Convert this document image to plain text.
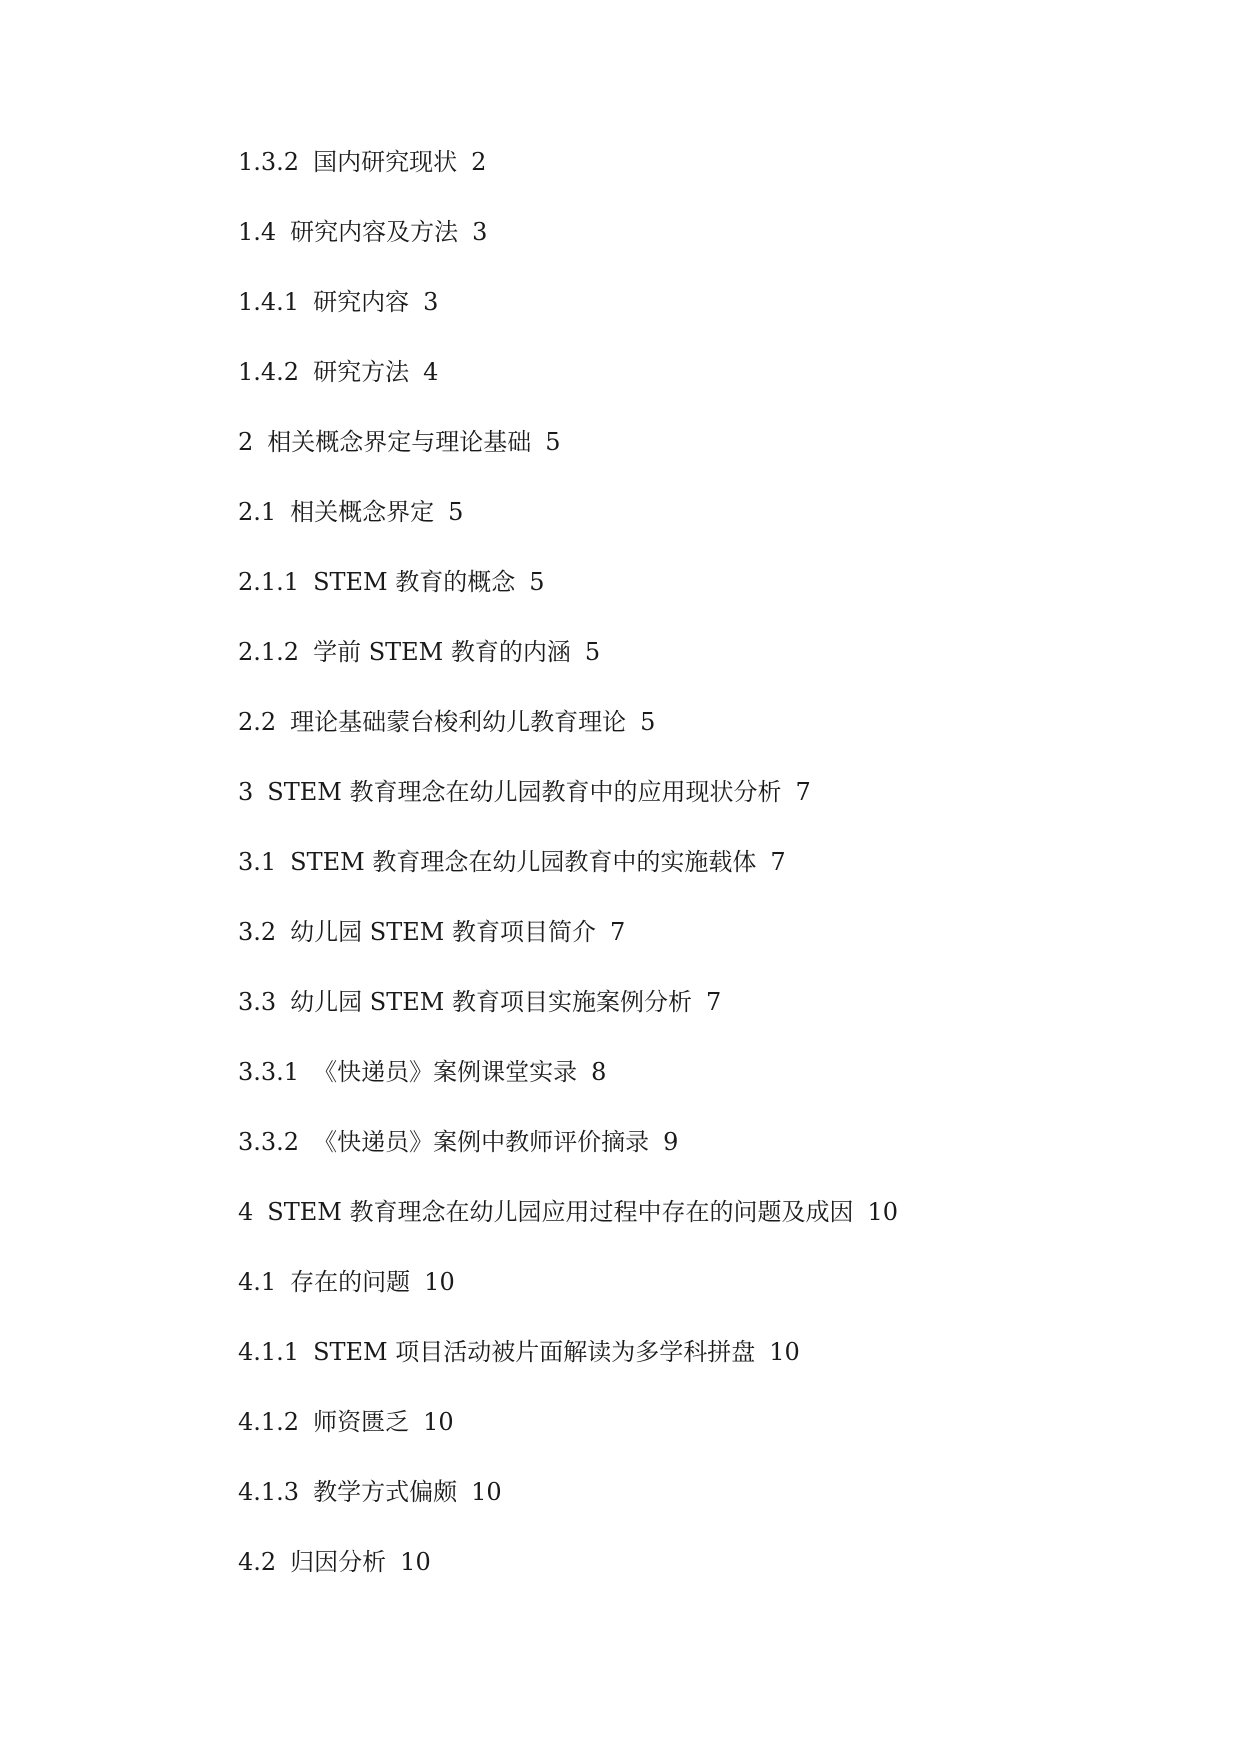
1.3.2 国内研究现状 2
1.4 研究内容及方法 3
1.4.1 研究内容 3
1.4.2 研究方法 4
2 相关概念界定与理论基础 5
2.1 相关概念界定 5
2.1.1 STEM 教育的概念 5
2.1.2 学前 STEM 教育的内涵 5
2.2 理论基础蒙台梭利幼儿教育理论 5
3 STEM 教育理念在幼儿园教育中的应用现状分析 7
3.1 STEM 教育理念在幼儿园教育中的实施载体 7
3.2 幼儿园 STEM 教育项目简介 7
3.3 幼儿园 STEM 教育项目实施案例分析 7
3.3.1 《快递员》案例课堂实录 8
3.3.2 《快递员》案例中教师评价摘录 9
4 STEM 教育理念在幼儿园应用过程中存在的问题及成因 10
4.1 存在的问题 10
4.1.1 STEM 项目活动被片面解读为多学科拼盘 10
4.1.2 师资匮乏 10
4.1.3 教学方式偏颇 10
4.2 归因分析 10
